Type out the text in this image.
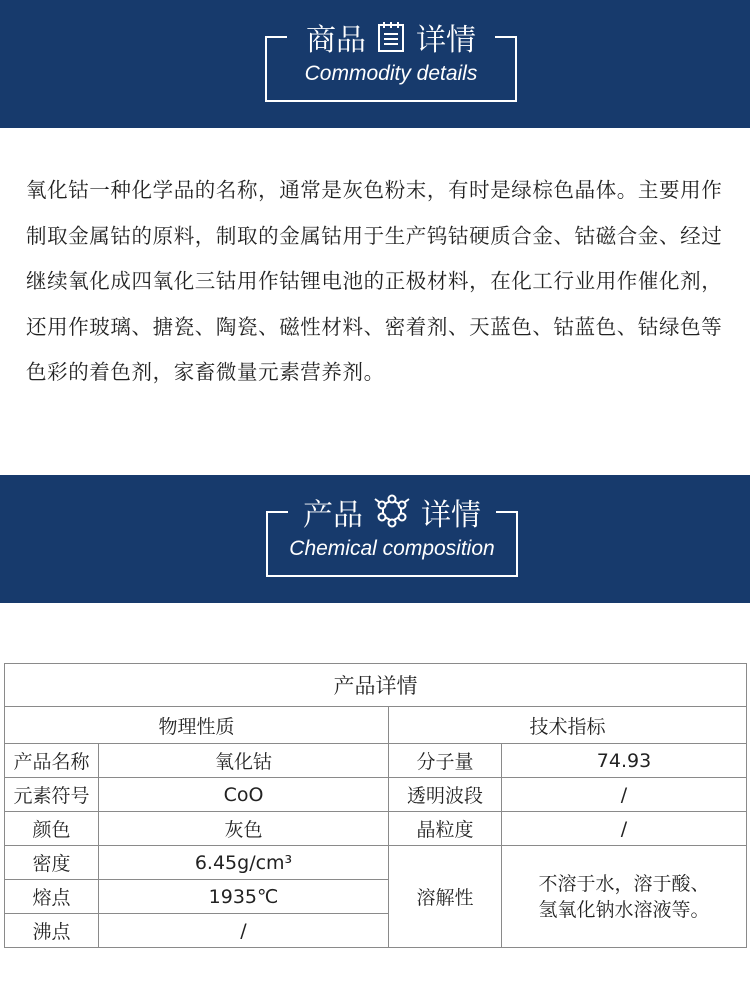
商品 详情
Commodity details
氧化钴一种化学品的名称，通常是灰色粉末，有时是绿棕色晶体。主要用作制取金属钴的原料，制取的金属钴用于生产钨钴硬质合金、钴磁合金、经过继续氧化成四氧化三钴用作钴锂电池的正极材料，在化工行业用作催化剂，还用作玻璃、搪瓷、陶瓷、磁性材料、密着剂、天蓝色、钴蓝色、钴绿色等色彩的着色剂，家畜微量元素营养剂。
产品 详情
Chemical composition
产品详情			
物理性质		技术指标	
产品名称	氧化钴	分子量	74.93
元素符号	CoO	透明波段	/
颜色	灰色	晶粒度	/
密度	6.45g/cm³	溶解性	不溶于水，溶于酸、
氢氧化钠水溶液等。

熔点	1935℃		
沸点	/		
